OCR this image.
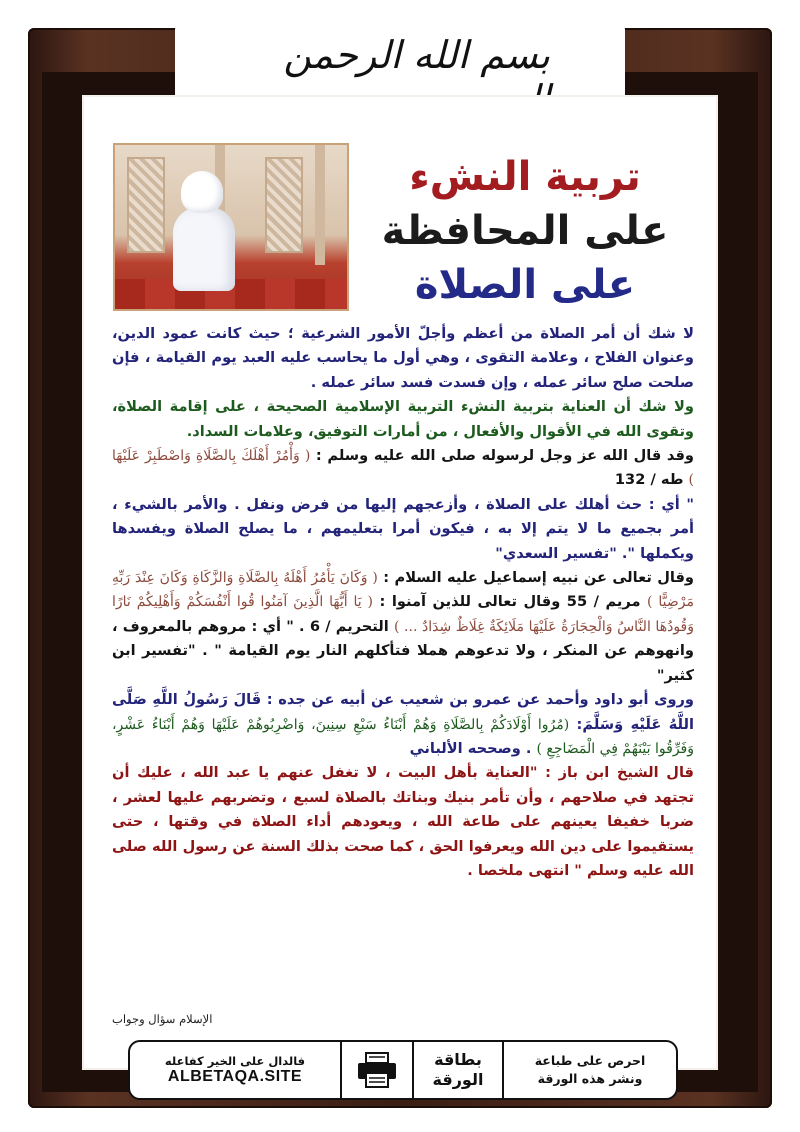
بسم الله الرحمن
تربية النشء
على المحافظة
على الصلاة

لا شك أن أمر الصلاة من أعظم وأجلّ الأمور الشرعية ؛ حيث كانت عمود الدين، وعنوان الفلاح ، وعلامة التقوى ، وهي أول ما يحاسب عليه العبد يوم القيامة ، فإن صلحت صلح سائر عمله ، وإن فسدت فسد سائر عمله .

ولا شك أن العناية بتربية النشء التربية الإسلامية الصحيحة ، على إقامة الصلاة، وتقوى الله في الأقوال والأفعال ، من أمارات التوفيق، وعلامات السداد.

وقد قال الله عز وجل لرسوله صلى الله عليه وسلم : ( وَأْمُرْ أَهْلَكَ بِالصَّلَاةِ وَاصْطَبِرْ عَلَيْهَا ) طه / 132

" أي : حث أهلك على الصلاة ، وأزعجهم إليها من فرض ونفل . والأمر بالشيء ، أمر بجميع ما لا يتم إلا به ، فيكون أمرا بتعليمهم ، ما يصلح الصلاة ويفسدها ويكملها ". "تفسير السعدي"

وقال تعالى عن نبيه إسماعيل عليه السلام : ( وَكَانَ يَأْمُرُ أَهْلَهُ بِالصَّلَاةِ وَالزَّكَاةِ وَكَانَ عِنْدَ رَبِّهِ مَرْضِيًّا ) مريم / 55 وقال تعالى للذين آمنوا : ( يَا أَيُّهَا الَّذِينَ آمَنُوا قُوا أَنْفُسَكُمْ وَأَهْلِيكُمْ نَارًا وَقُودُهَا النَّاسُ وَالْحِجَارَةُ عَلَيْهَا مَلَائِكَةٌ غِلَاظٌ شِدَادٌ ... ) التحريم / 6 . " أي : مروهم بالمعروف ، وانهوهم عن المنكر ، ولا تدعوهم هملا فتأكلهم النار يوم القيامة " . "تفسير ابن كثير"

وروى أبو داود وأحمد عن عمرو بن شعيب عن أبيه عن جده : قَالَ رَسُولُ اللَّهِ صَلَّى اللَّهُ عَلَيْهِ وَسَلَّمَ: (مُرُوا أَوْلَادَكُمْ بِالصَّلَاةِ وَهُمْ أَبْنَاءُ سَبْعِ سِنِينَ، وَاضْرِبُوهُمْ عَلَيْهَا وَهُمْ أَبْنَاءُ عَشْرٍ، وَفَرِّقُوا بَيْنَهُمْ فِي الْمَضَاجِعِ ) . وصححه الألباني

قال الشيخ ابن باز : "العناية بأهل البيت ، لا تغفل عنهم يا عبد الله ، عليك أن تجتهد في صلاحهم ، وأن تأمر بنيك وبناتك بالصلاة لسبع ، وتضربهم عليها لعشر ، ضربا خفيفا يعينهم على طاعة الله ، ويعودهم أداء الصلاة في وقتها ، حتى يستقيموا على دين الله ويعرفوا الحق ، كما صحت بذلك السنة عن رسول الله صلى الله عليه وسلم " انتهى ملخصا .

الإسلام سؤال وجواب
فالدال على الخير كفاعله
ALBETAQA.SITE
بطاقة
الورقة
احرص على طباعة
ونشر هذه الورقة
